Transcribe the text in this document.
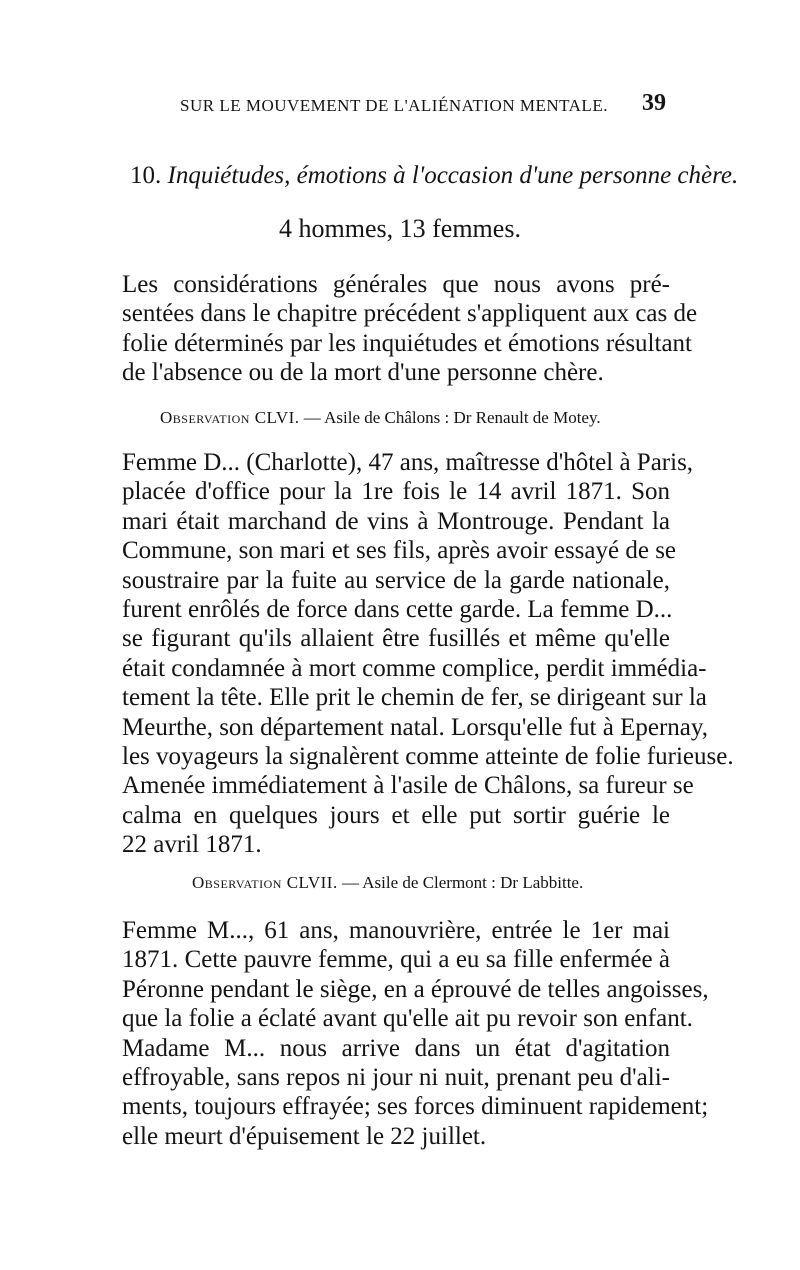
SUR LE MOUVEMENT DE L'ALIÉNATION MENTALE.	39
10. Inquiétudes, émotions à l'occasion d'une personne chère.
4 hommes, 13 femmes.
Les considérations générales que nous avons pré-
sentées dans le chapitre précédent s'appliquent aux cas de
folie déterminés par les inquiétudes et émotions résultant
de l'absence ou de la mort d'une personne chère.
Observation CLVI. — Asile de Châlons : Dr Renault de Motey.
Femme D... (Charlotte), 47 ans, maîtresse d'hôtel à Paris,
placée d'office pour la 1re fois le 14 avril 1871. Son
mari était marchand de vins à Montrouge. Pendant la
Commune, son mari et ses fils, après avoir essayé de se
soustraire par la fuite au service de la garde nationale,
furent enrôlés de force dans cette garde. La femme D...
se figurant qu'ils allaient être fusillés et même qu'elle
était condamnée à mort comme complice, perdit immédia-
tement la tête. Elle prit le chemin de fer, se dirigeant sur la
Meurthe, son département natal. Lorsqu'elle fut à Epernay,
les voyageurs la signalèrent comme atteinte de folie furieuse.
Amenée immédiatement à l'asile de Châlons, sa fureur se
calma en quelques jours et elle put sortir guérie le
22 avril 1871.
Observation CLVII. — Asile de Clermont : Dr Labbitte.
Femme M..., 61 ans, manouvrière, entrée le 1er mai
1871. Cette pauvre femme, qui a eu sa fille enfermée à
Péronne pendant le siège, en a éprouvé de telles angoisses,
que la folie a éclaté avant qu'elle ait pu revoir son enfant.
Madame M... nous arrive dans un état d'agitation
effroyable, sans repos ni jour ni nuit, prenant peu d'ali-
ments, toujours effrayée; ses forces diminuent rapidement;
elle meurt d'épuisement le 22 juillet.
